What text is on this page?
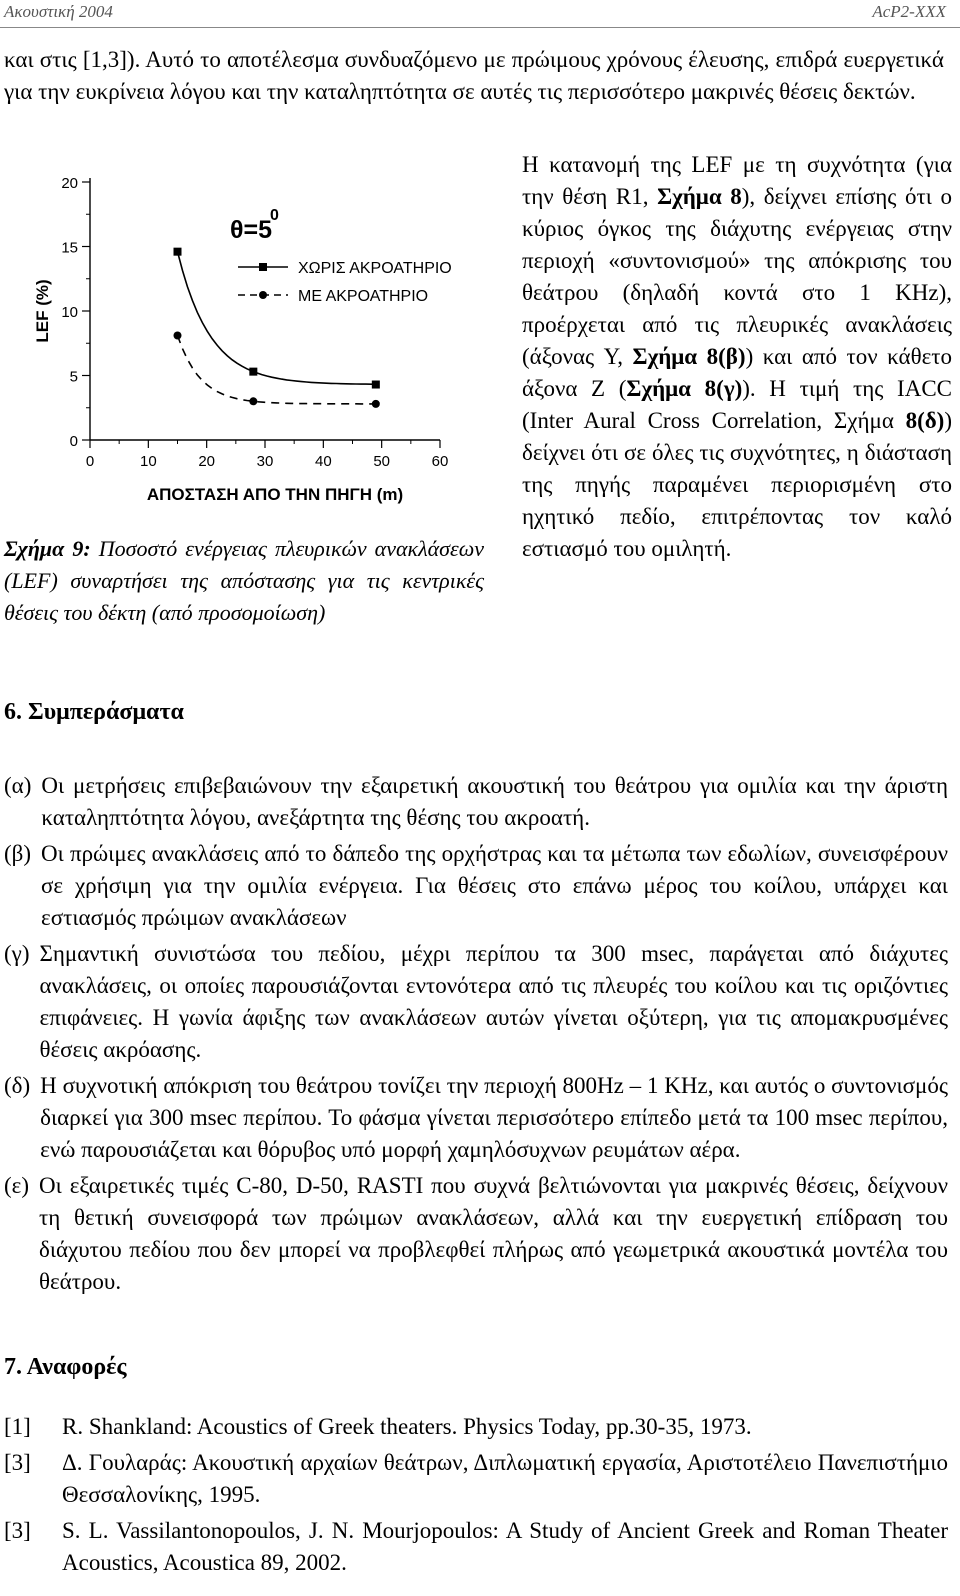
Ακουστική 2004	AcP2-XXX

και στις [1,3]). Αυτό το αποτέλεσμα συνδυαζόμενο με πρώιμους χρόνους έλευσης, επιδρά ευεργετικά για την ευκρίνεια λόγου και την καταληπτότητα σε αυτές τις περισσότερο μακρινές θέσεις δεκτών.

0
5
10
15
20
0	10	20	30	40	50	60
LEF (%)
ΑΠΟΣΤΑΣΗ ΑΠΟ ΤΗΝ ΠΗΓΗ (m)
θ=5
0
ΧΩΡΙΣ ΑΚΡΟΑΤΗΡΙΟ
ΜΕ ΑΚΡΟΑΤΗΡΙΟ

Σχήμα 9: Ποσοστό ενέργειας πλευρικών ανακλάσεων (LEF) συναρτήσει της απόστασης για τις κεντρικές θέσεις του δέκτη (από προσομοίωση)

Η κατανομή της LEF με τη συχνότητα (για την θέση R1, Σχήμα 8), δείχνει επίσης ότι ο κύριος όγκος της διάχυτης ενέργειας στην περιοχή «συντονισμού» της απόκρισης του θεάτρου (δηλαδή κοντά στο 1 KHz), προέρχεται από τις πλευρικές ανακλάσεις (άξονας Y, Σχήμα 8(β)) και από τον κάθετο άξονα Ζ (Σχήμα 8(γ)). Η τιμή της IACC (Inter Aural Cross Correlation, Σχήμα 8(δ)) δείχνει ότι σε όλες τις συχνότητες, η διάσταση της πηγής παραμένει περιορισμένη στο ηχητικό πεδίο, επιτρέποντας τον καλό εστιασμό του ομιλητή.

6. Συμπεράσματα
(α) Οι μετρήσεις επιβεβαιώνουν την εξαιρετική ακουστική του θεάτρου για ομιλία και την άριστη καταληπτότητα λόγου, ανεξάρτητα της θέσης του ακροατή.
(β) Οι πρώιμες ανακλάσεις από το δάπεδο της ορχήστρας και τα μέτωπα των εδωλίων, συνεισφέρουν σε χρήσιμη για την ομιλία ενέργεια. Για θέσεις στο επάνω μέρος του κοίλου, υπάρχει και εστιασμός πρώιμων ανακλάσεων
(γ) Σημαντική συνιστώσα του πεδίου, μέχρι περίπου τα 300 msec, παράγεται από διάχυτες ανακλάσεις, οι οποίες παρουσιάζονται εντονότερα από τις πλευρές του κοίλου και τις οριζόντιες επιφάνειες. Η γωνία άφιξης των ανακλάσεων αυτών γίνεται οξύτερη, για τις απομακρυσμένες θέσεις ακρόασης.
(δ) Η συχνοτική απόκριση του θεάτρου τονίζει την περιοχή 800Hz – 1 KHz, και αυτός ο συντονισμός διαρκεί για 300 msec περίπου. Το φάσμα γίνεται περισσότερο επίπεδο μετά τα 100 msec περίπου, ενώ παρουσιάζεται και θόρυβος υπό μορφή χαμηλόσυχνων ρευμάτων αέρα.
(ε) Οι εξαιρετικές τιμές C-80, D-50, RASTI που συχνά βελτιώνονται για μακρινές θέσεις, δείχνουν τη θετική συνεισφορά των πρώιμων ανακλάσεων, αλλά και την ευεργετική επίδραση του διάχυτου πεδίου που δεν μπορεί να προβλεφθεί πλήρως από γεωμετρικά ακουστικά μοντέλα του θεάτρου.
7. Αναφορές
[1]	R. Shankland: Acoustics of Greek theaters. Physics Today, pp.30-35, 1973.
[3]	Δ. Γουλαράς: Ακουστική αρχαίων θεάτρων, Διπλωματική εργασία, Αριστοτέλειο Πανεπιστήμιο Θεσσαλονίκης, 1995.
[3]	S. L. Vassilantonopoulos, J. N. Mourjopoulos: A Study of Ancient Greek and Roman Theater Acoustics, Acoustica 89, 2002.
